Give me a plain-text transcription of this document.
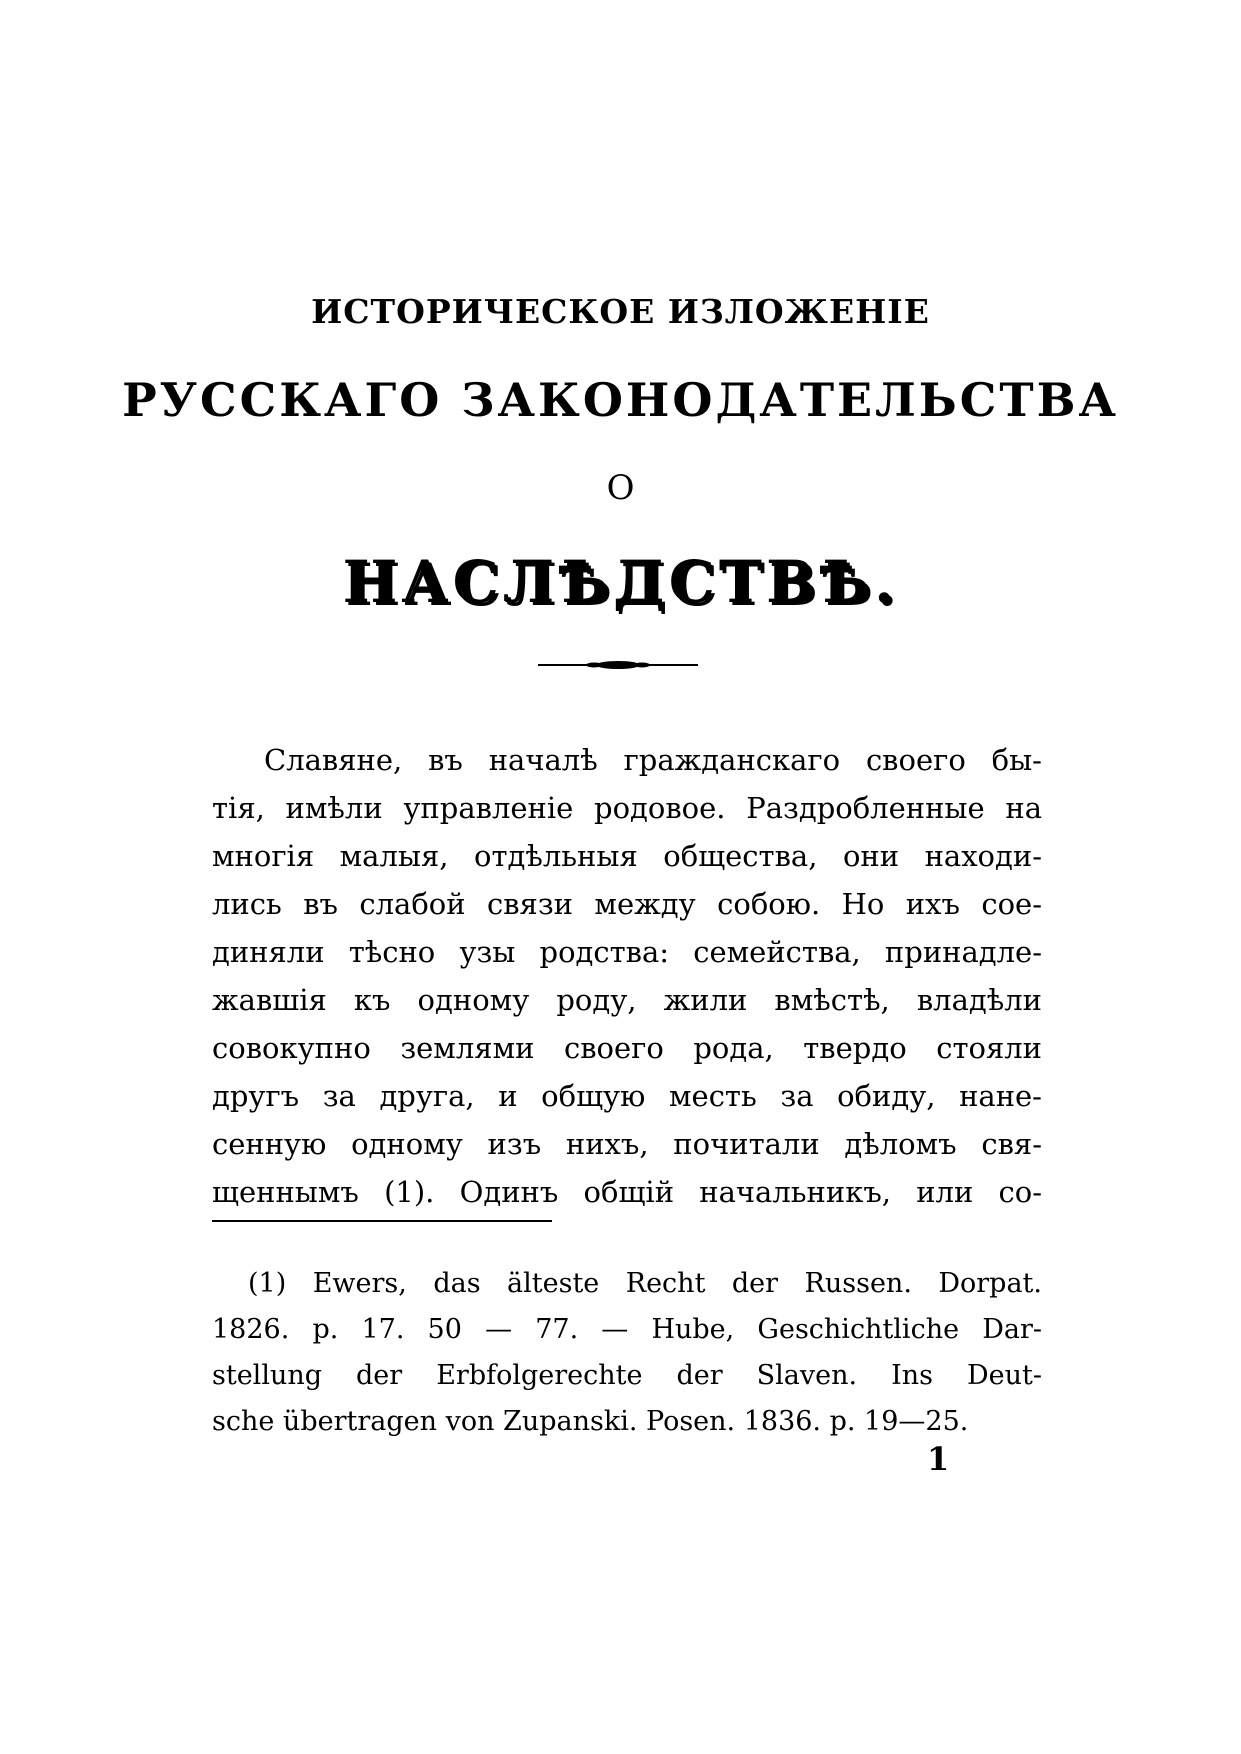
ИСТОРИЧЕСКОЕ ИЗЛОЖЕНІЕ
РУССКАГО ЗАКОНОДАТЕЛЬСТВА
О
НАСЛѢДСТВѢ.
Славяне, въ началѣ гражданскаго своего бы-
тія, имѣли управленіе родовое. Раздробленные на
многія малыя, отдѣльныя общества, они находи-
лись въ слабой связи между собою. Но ихъ сое-
диняли тѣсно узы родства: семейства, принадле-
жавшія къ одному роду, жили вмѣстѣ, владѣли
совокупно землями своего рода, твердо стояли
другъ за друга, и общую месть за обиду, нане-
сенную одному изъ нихъ, почитали дѣломъ свя-
щеннымъ (1). Одинъ общій начальникъ, или со-
(1) Ewers, das älteste Recht der Russen. Dorpat.
1826. p. 17. 50 — 77. — Hube, Geschichtliche Dar-
stellung der Erbfolgerechte der Slaven. Ins Deut-
sche übertragen von Zupanski. Posen. 1836. p. 19—25.
1
